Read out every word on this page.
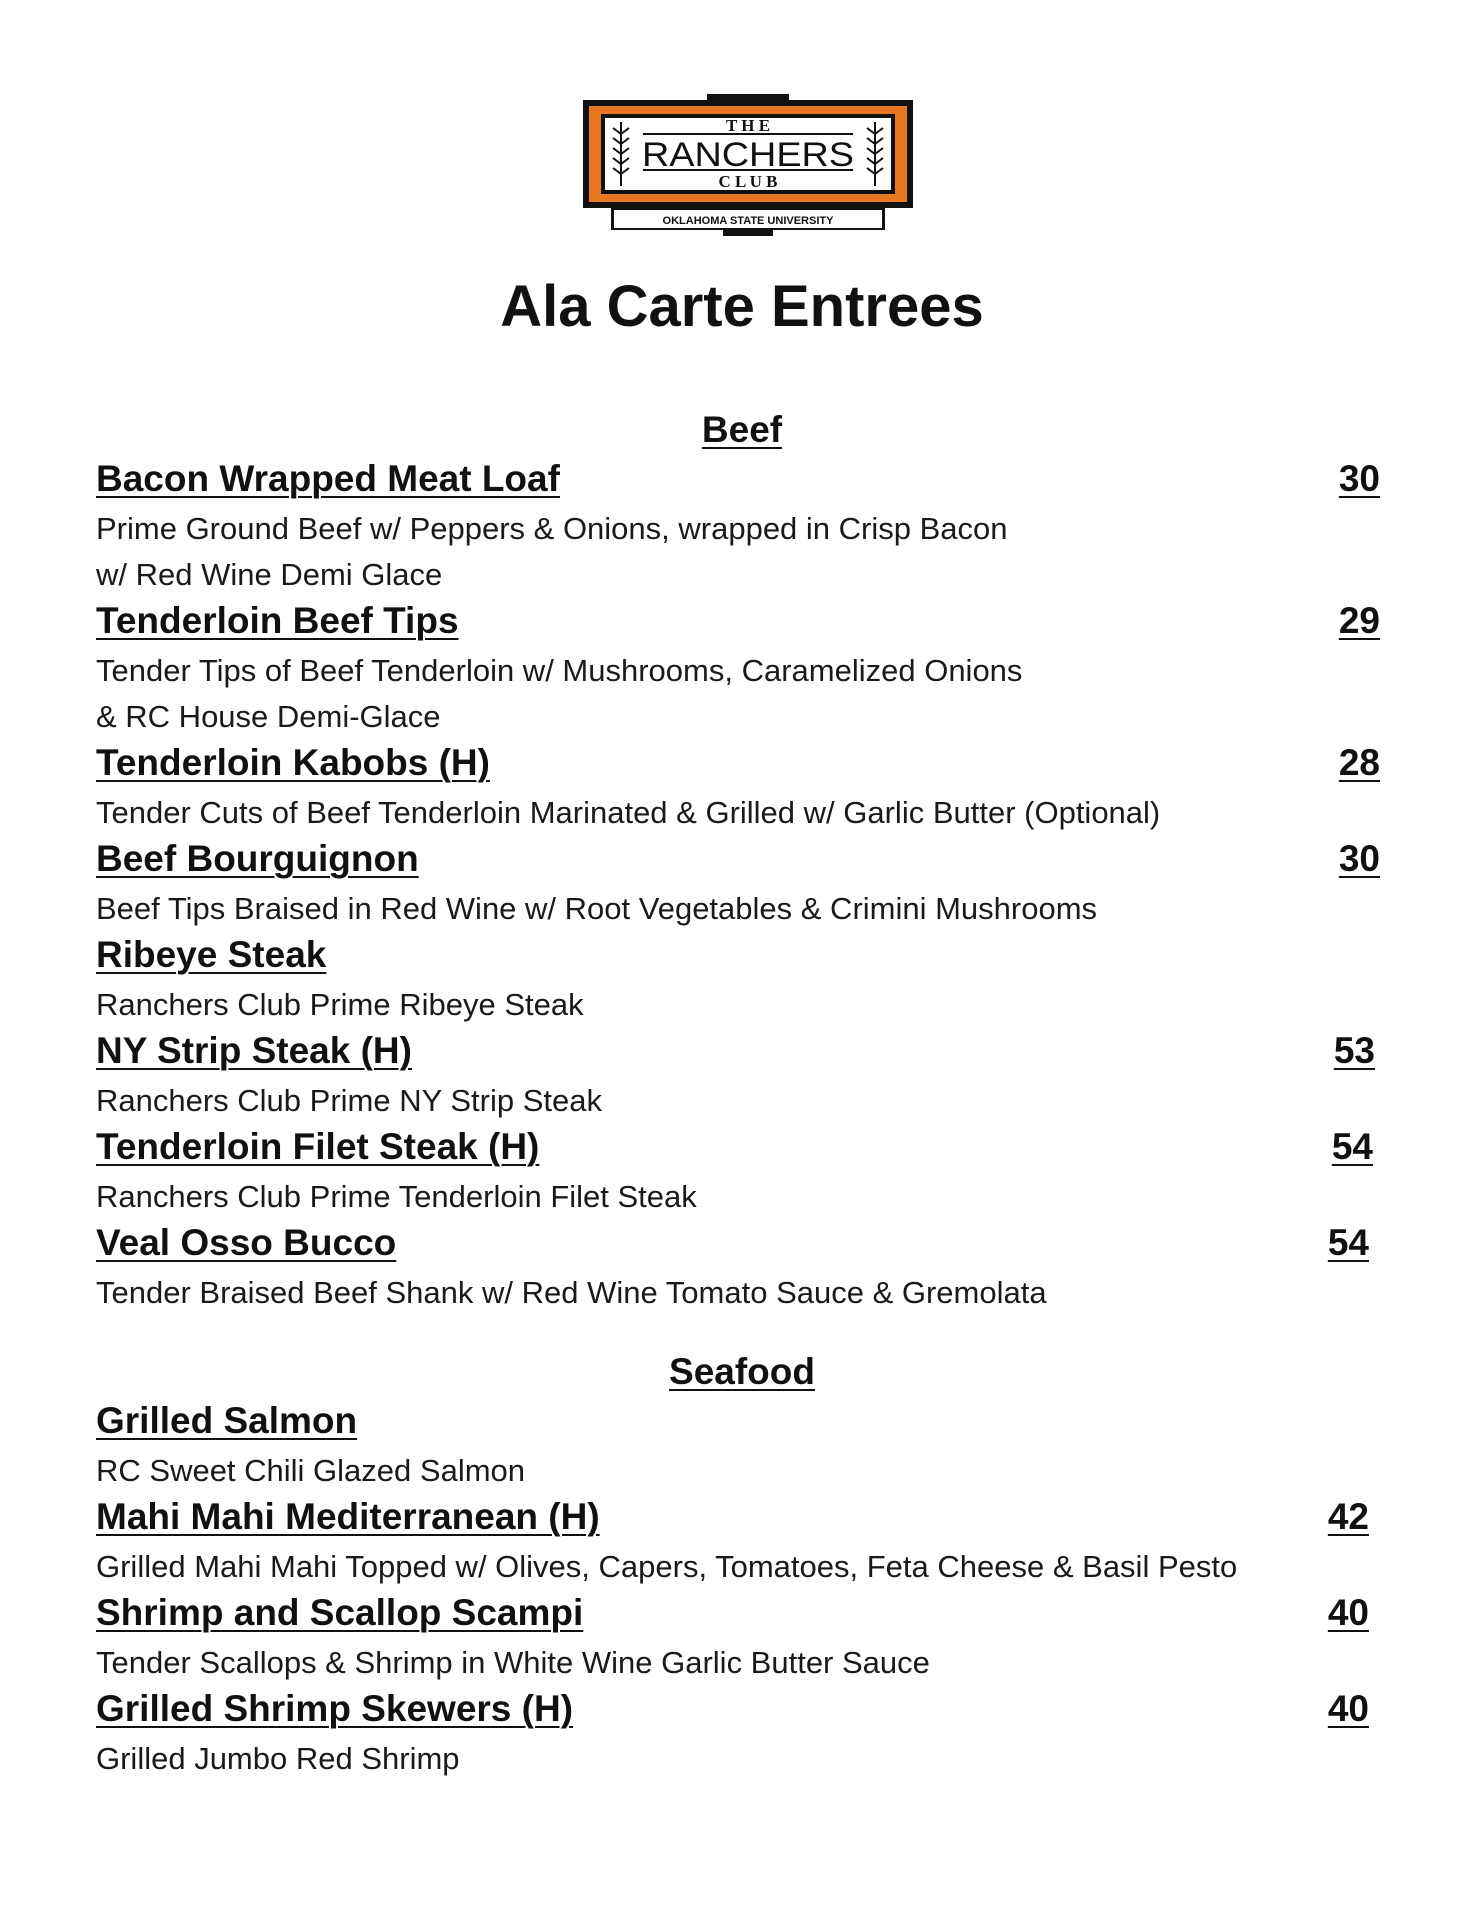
T H E
RANCHERS
C L U B
OKLAHOMA STATE UNIVERSITY
Ala Carte Entrees
Beef
Bacon Wrapped Meat Loaf	30
Prime Ground Beef w/ Peppers & Onions, wrapped in Crisp Bacon
w/ Red Wine Demi Glace
Tenderloin Beef Tips	29
Tender Tips of Beef Tenderloin w/ Mushrooms, Caramelized Onions
& RC House Demi-Glace
Tenderloin Kabobs (H)	28
Tender Cuts of Beef Tenderloin Marinated & Grilled w/ Garlic Butter (Optional)
Beef Bourguignon	30
Beef Tips Braised in Red Wine w/ Root Vegetables & Crimini Mushrooms
Ribeye Steak
Ranchers Club Prime Ribeye Steak
NY Strip Steak (H)	53
Ranchers Club Prime NY Strip Steak
Tenderloin Filet Steak (H)	54
Ranchers Club Prime Tenderloin Filet Steak
Veal Osso Bucco	54
Tender Braised Beef Shank w/ Red Wine Tomato Sauce & Gremolata
Seafood
Grilled Salmon
RC Sweet Chili Glazed Salmon
Mahi Mahi Mediterranean (H)	42
Grilled Mahi Mahi Topped w/ Olives, Capers, Tomatoes, Feta Cheese & Basil Pesto
Shrimp and Scallop Scampi	40
Tender Scallops & Shrimp in White Wine Garlic Butter Sauce
Grilled Shrimp Skewers (H)	40
Grilled Jumbo Red Shrimp
